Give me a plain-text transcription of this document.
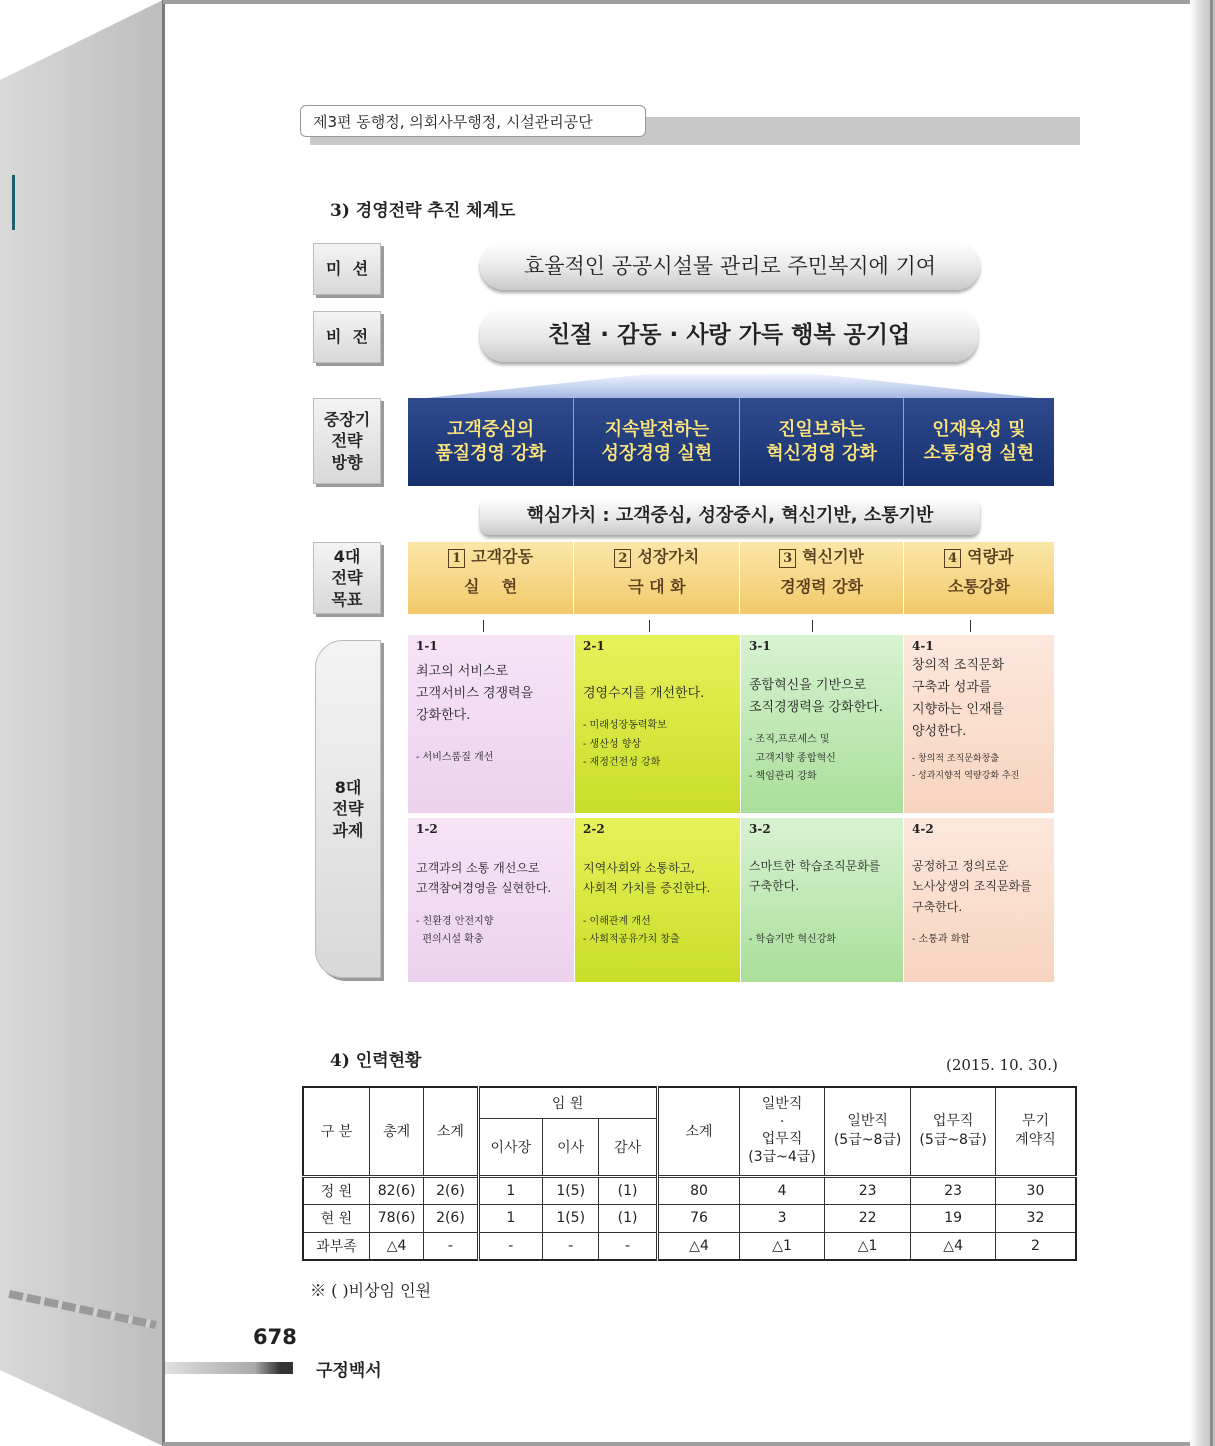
제3편 동행정, 의회사무행정, 시설관리공단
3) 경영전략 추진 체계도
미  션
비  전
중장기
전략
방향
4대
전략
목표
8대
전략
과제
효율적인 공공시설물 관리로 주민복지에 기여
친절 · 감동 · 사랑 가득 행복 공기업
고객중심의
품질경영 강화
지속발전하는
성장경영 실현
진일보하는
혁신경영 강화
인재육성 및
소통경영 실현
핵심가치 : 고객중심, 성장중시, 혁신기반, 소통기반
1 고객감동
실    현
2 성장가치
극 대 화
3 혁신기반
경쟁력 강화
4 역량과
소통강화
1-1
최고의 서비스로
고객서비스 경쟁력을
강화한다.
- 서비스품질 개선
2-1
경영수지를 개선한다.
- 미래성장동력확보
- 생산성 향상
- 재정건전성 강화
3-1
종합혁신을 기반으로
조직경쟁력을 강화한다.
- 조직,프로세스 및
고객지향 종합혁신
- 책임관리 강화
4-1
창의적 조직문화
구축과 성과를
지향하는 인재를
양성한다.
- 창의적 조직문화창출
- 성과지향적 역량강화 추진
1-2
고객과의 소통 개선으로
고객참여경영을 실현한다.
- 친환경 안전지향
편의시설 확충
2-2
지역사회와 소통하고,
사회적 가치를 증진한다.
- 이해관계 개선
- 사회적공유가치 창출
3-2
스마트한 학습조직문화를
구축한다.
- 학습기반 혁신강화
4-2
공정하고 정의로운
노사상생의 조직문화를
구축한다.
- 소통과 화합
4) 인력현황	(2015. 10. 30.)
구 분	총계	소계	임 원			소계	일반직
·
업무직
(3급~4급)	일반직
(5급~8급)	업무직
(5급~8급)	무기
계약직
			이사장	이사	감사					
정 원	82(6)	2(6)	1	1(5)	(1)	80	4	23	23	30
현 원	78(6)	2(6)	1	1(5)	(1)	76	3	22	19	32
과부족	△4	-	-	-	-	△4	△1	△1	△4	2
※ ( )비상임 인원
678
구정백서
